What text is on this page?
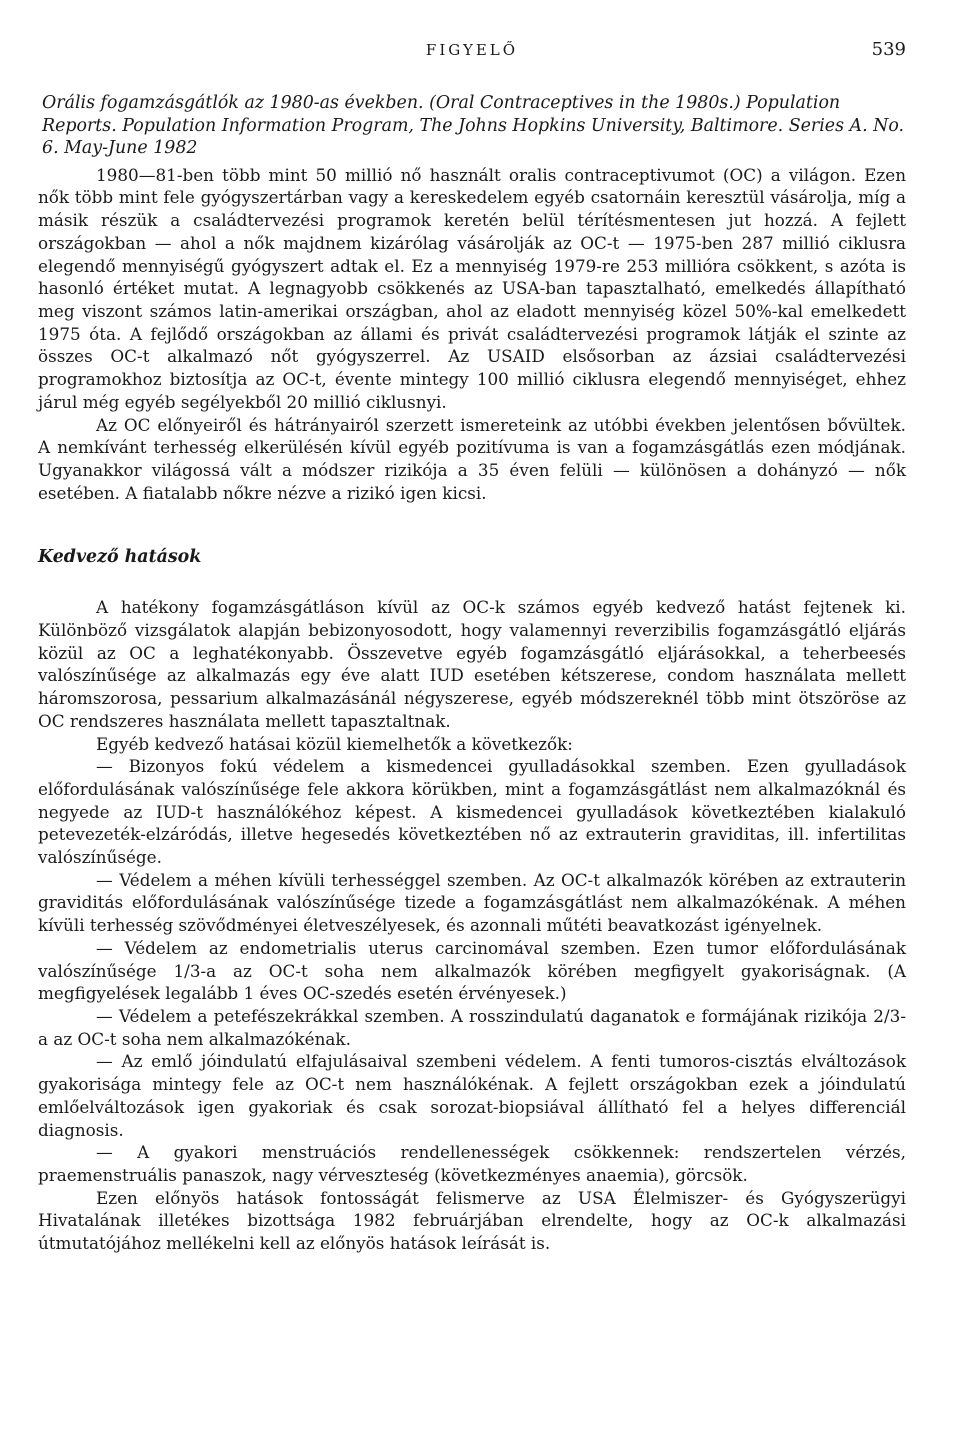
FIGYELŐ	539

Orális fogamzásgátlók az 1980-as években. (Oral Contraceptives in the 1980s.) Population Reports. Population Information Program, The Johns Hopkins University, Baltimore. Series A. No. 6. May-June 1982

1980—81-ben több mint 50 millió nő használt oralis contraceptivumot (OC) a világon. Ezen nők több mint fele gyógyszertárban vagy a kereskedelem egyéb csatornáin keresztül vásárolja, míg a másik részük a családtervezési programok keretén belül térítésmentesen jut hozzá. A fejlett országokban — ahol a nők majdnem kizárólag vásárolják az OC-t — 1975-ben 287 millió ciklusra elegendő mennyiségű gyógyszert adtak el. Ez a mennyiség 1979-re 253 millióra csökkent, s azóta is hasonló értéket mutat. A legnagyobb csökkenés az USA-ban tapasztalható, emelkedés állapítható meg viszont számos latin-amerikai országban, ahol az eladott mennyiség közel 50%-kal emelkedett 1975 óta. A fejlődő országokban az állami és privát családtervezési programok látják el szinte az összes OC-t alkalmazó nőt gyógyszerrel. Az USAID elsősorban az ázsiai családtervezési programokhoz biztosítja az OC-t, évente mintegy 100 millió ciklusra elegendő mennyiséget, ehhez járul még egyéb segélyekből 20 millió ciklusnyi.

Az OC előnyeiről és hátrányairól szerzett ismereteink az utóbbi években jelentősen bővültek. A nemkívánt terhesség elkerülésén kívül egyéb pozitívuma is van a fogamzásgátlás ezen módjának. Ugyanakkor világossá vált a módszer rizikója a 35 éven felüli — különösen a dohányzó — nők esetében. A fiatalabb nőkre nézve a rizikó igen kicsi.

Kedvező hatások

A hatékony fogamzásgátláson kívül az OC-k számos egyéb kedvező hatást fejtenek ki. Különböző vizsgálatok alapján bebizonyosodott, hogy valamennyi reverzibilis fogamzásgátló eljárás közül az OC a leghatékonyabb. Összevetve egyéb fogamzásgátló eljárásokkal, a teherbeesés valószínűsége az alkalmazás egy éve alatt IUD esetében kétszerese, condom használata mellett háromszorosa, pessarium alkalmazásánál négyszerese, egyéb módszereknél több mint ötszöröse az OC rendszeres használata mellett tapasztaltnak.

Egyéb kedvező hatásai közül kiemelhetők a következők:

— Bizonyos fokú védelem a kismedencei gyulladásokkal szemben. Ezen gyulladások előfordulásának valószínűsége fele akkora körükben, mint a fogamzásgátlást nem alkalmazóknál és negyede az IUD-t használókéhoz képest. A kismedencei gyulladások következtében kialakuló petevezeték-elzáródás, illetve hegesedés következtében nő az extrauterin graviditas, ill. infertilitas valószínűsége.

— Védelem a méhen kívüli terhességgel szemben. Az OC-t alkalmazók körében az extrauterin graviditás előfordulásának valószínűsége tizede a fogamzásgátlást nem alkalmazókénak. A méhen kívüli terhesség szövődményei életveszélyesek, és azonnali műtéti beavatkozást igényelnek.

— Védelem az endometrialis uterus carcinomával szemben. Ezen tumor előfordulásának valószínűsége 1/3-a az OC-t soha nem alkalmazók körében megfigyelt gyakoriságnak. (A megfigyelések legalább 1 éves OC-szedés esetén érvényesek.)

— Védelem a petefészekrákkal szemben. A rosszindulatú daganatok e formájának rizikója 2/3-a az OC-t soha nem alkalmazókénak.

— Az emlő jóindulatú elfajulásaival szembeni védelem. A fenti tumoros-cisztás elváltozások gyakorisága mintegy fele az OC-t nem használókénak. A fejlett országokban ezek a jóindulatú emlőelváltozások igen gyakoriak és csak sorozat-biopsiával állítható fel a helyes differenciál diagnosis.

— A gyakori menstruációs rendellenességek csökkennek: rendszertelen vérzés, praemenstruális panaszok, nagy vérveszteség (következményes anaemia), görcsök.

Ezen előnyös hatások fontosságát felismerve az USA Élelmiszer- és Gyógyszerügyi Hivatalának illetékes bizottsága 1982 februárjában elrendelte, hogy az OC-k alkalmazási útmutatójához mellékelni kell az előnyös hatások leírását is.
